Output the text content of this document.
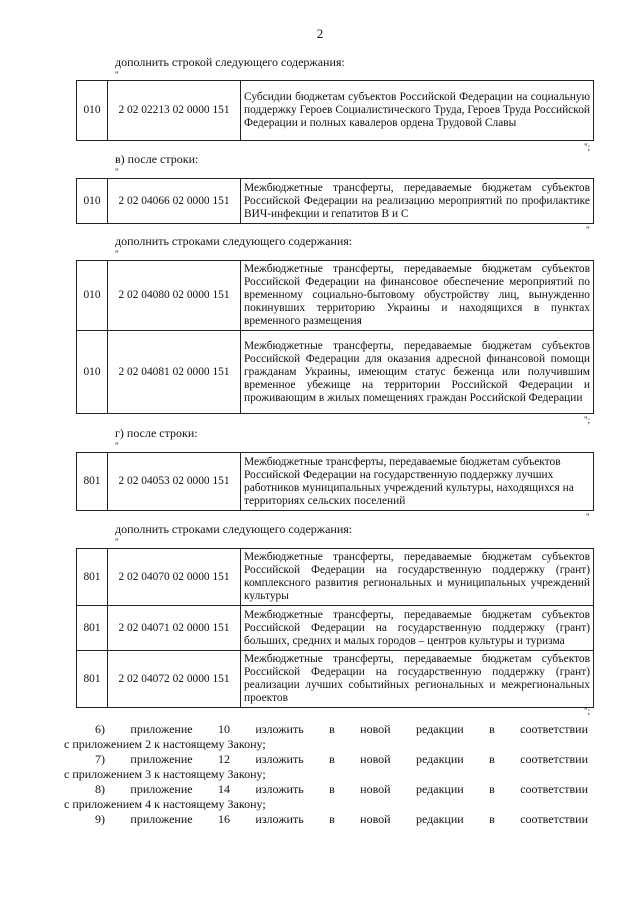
2
дополнить строкой следующего содержания:
"
010	2 02 02213 02 0000 151	Субсидии бюджетам субъектов Российской Федерации на социальную поддержку Героев Социалистического Труда, Героев Труда Российской Федерации и полных кавалеров ордена Трудовой Славы
";
в) после строки:
"
010	2 02 04066 02 0000 151	Межбюджетные трансферты, передаваемые бюджетам субъектов Российской Федерации на реализацию мероприятий по профилактике ВИЧ-инфекции и гепатитов B и C
"
дополнить строками следующего содержания:
"
010	2 02 04080 02 0000 151	Межбюджетные трансферты, передаваемые бюджетам субъектов Российской Федерации на финансовое обеспечение мероприятий по временному социально-бытовому обустройству лиц, вынужденно покинувших территорию Украины и находящихся в пунктах временного размещения
010	2 02 04081 02 0000 151	Межбюджетные трансферты, передаваемые бюджетам субъектов Российской Федерации для оказания адресной финансовой помощи гражданам Украины, имеющим статус беженца или получившим временное убежище на территории Российской Федерации и проживающим в жилых помещениях граждан Российской Федерации
";
г) после строки:
"
801	2 02 04053 02 0000 151	Межбюджетные трансферты, передаваемые бюджетам субъектов Российской Федерации на государственную поддержку лучших работников муниципальных учреждений культуры, находящихся на территориях сельских поселений
"
дополнить строками следующего содержания:
"
801	2 02 04070 02 0000 151	Межбюджетные трансферты, передаваемые бюджетам субъектов Российской Федерации на государственную поддержку (грант) комплексного развития региональных и муниципальных учреждений культуры
801	2 02 04071 02 0000 151	Межбюджетные трансферты, передаваемые бюджетам субъектов Российской Федерации на государственную поддержку (грант) больших, средних и малых городов – центров культуры и туризма
801	2 02 04072 02 0000 151	Межбюджетные трансферты, передаваемые бюджетам субъектов Российской Федерации на государственную поддержку (грант) реализации лучших событийных региональных и межрегиональных проектов
";
6) приложение 10 изложить в новой редакции в соответствии
с приложением 2 к настоящему Закону;
7) приложение 12 изложить в новой редакции в соответствии
с приложением 3 к настоящему Закону;
8) приложение 14 изложить в новой редакции в соответствии
с приложением 4 к настоящему Закону;
9) приложение 16 изложить в новой редакции в соответствии
